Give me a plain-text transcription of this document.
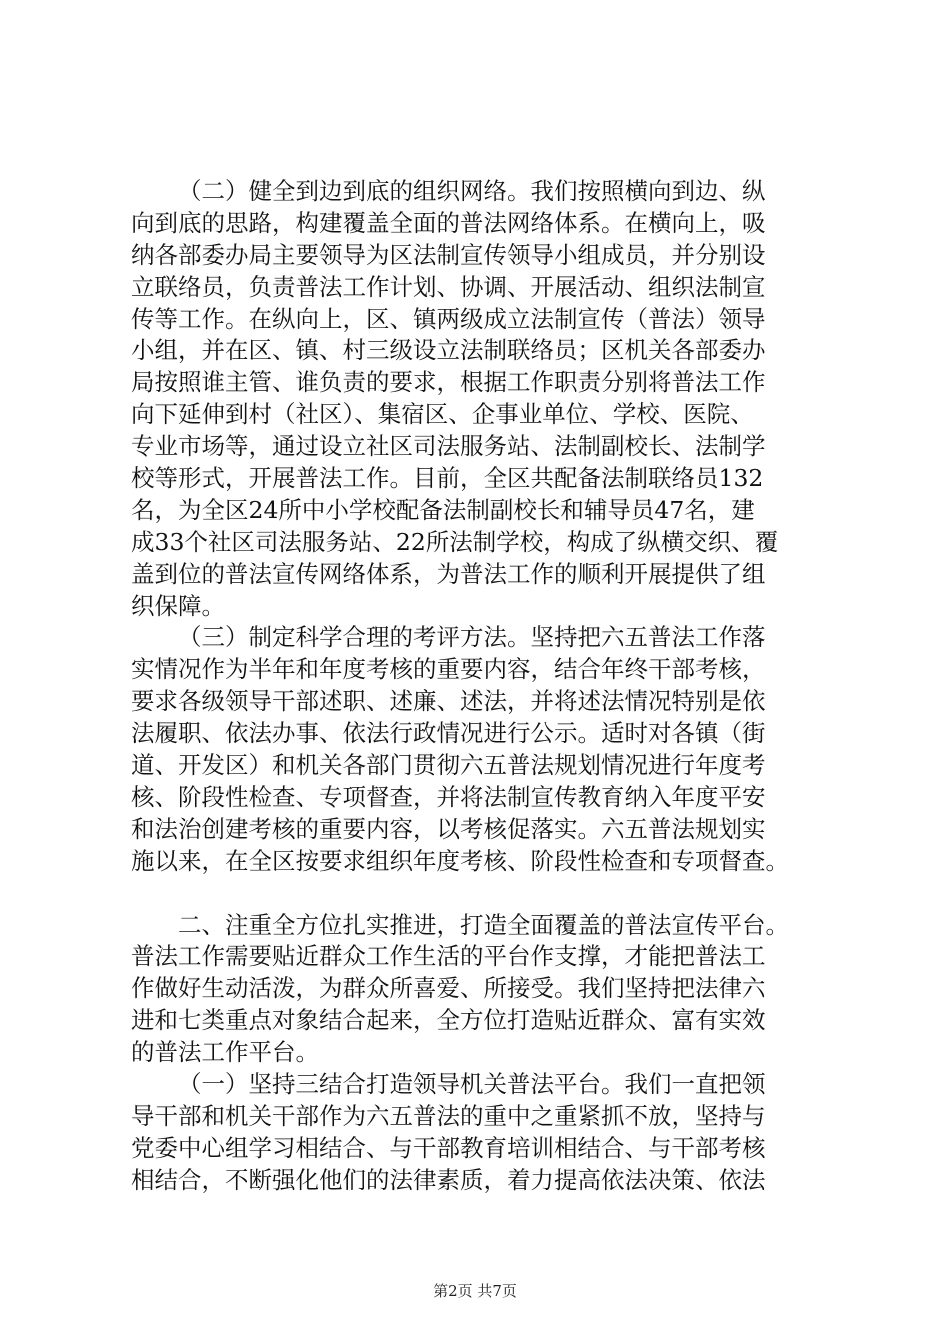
（二）健全到边到底的组织网络。我们按照横向到边、纵
向到底的思路，构建覆盖全面的普法网络体系。在横向上，吸
纳各部委办局主要领导为区法制宣传领导小组成员，并分别设
立联络员，负责普法工作计划、协调、开展活动、组织法制宣
传等工作。在纵向上，区、镇两级成立法制宣传（普法）领导
小组，并在区、镇、村三级设立法制联络员；区机关各部委办
局按照谁主管、谁负责的要求，根据工作职责分别将普法工作
向下延伸到村（社区）、集宿区、企事业单位、学校、医院、
专业市场等，通过设立社区司法服务站、法制副校长、法制学
校等形式，开展普法工作。目前，全区共配备法制联络员132
名，为全区24所中小学校配备法制副校长和辅导员47名，建
成33个社区司法服务站、22所法制学校，构成了纵横交织、覆
盖到位的普法宣传网络体系，为普法工作的顺利开展提供了组
织保障。

（三）制定科学合理的考评方法。坚持把六五普法工作落
实情况作为半年和年度考核的重要内容，结合年终干部考核，
要求各级领导干部述职、述廉、述法，并将述法情况特别是依
法履职、依法办事、依法行政情况进行公示。适时对各镇（街
道、开发区）和机关各部门贯彻六五普法规划情况进行年度考
核、阶段性检查、专项督查，并将法制宣传教育纳入年度平安
和法治创建考核的重要内容，以考核促落实。六五普法规划实
施以来，在全区按要求组织年度考核、阶段性检查和专项督查。

二、注重全方位扎实推进，打造全面覆盖的普法宣传平台。
普法工作需要贴近群众工作生活的平台作支撑，才能把普法工
作做好生动活泼，为群众所喜爱、所接受。我们坚持把法律六
进和七类重点对象结合起来，全方位打造贴近群众、富有实效
的普法工作平台。

（一）坚持三结合打造领导机关普法平台。我们一直把领
导干部和机关干部作为六五普法的重中之重紧抓不放，坚持与
党委中心组学习相结合、与干部教育培训相结合、与干部考核
相结合，不断强化他们的法律素质，着力提高依法决策、依法

第2页 共7页
